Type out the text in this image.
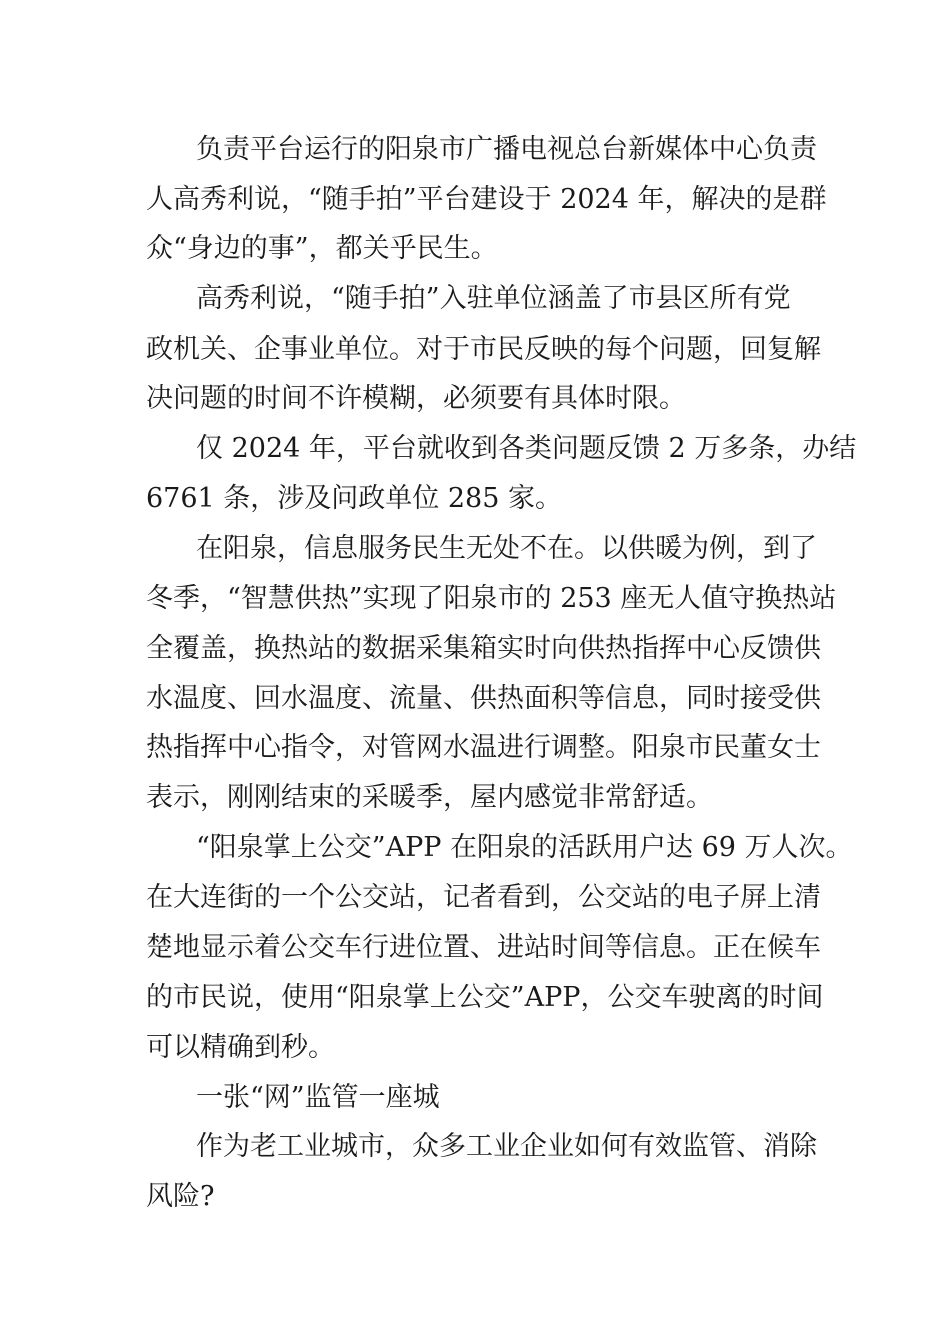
负责平台运行的阳泉市广播电视总台新媒体中心负责
人高秀利说，“随手拍”平台建设于 2024 年，解决的是群
众“身边的事”，都关乎民生。
高秀利说，“随手拍”入驻单位涵盖了市县区所有党
政机关、企事业单位。对于市民反映的每个问题，回复解
决问题的时间不许模糊，必须要有具体时限。
仅 2024 年，平台就收到各类问题反馈 2 万多条，办结
6761 条，涉及问政单位 285 家。
在阳泉，信息服务民生无处不在。以供暖为例，到了
冬季，“智慧供热”实现了阳泉市的 253 座无人值守换热站
全覆盖，换热站的数据采集箱实时向供热指挥中心反馈供
水温度、回水温度、流量、供热面积等信息，同时接受供
热指挥中心指令，对管网水温进行调整。阳泉市民董女士
表示，刚刚结束的采暖季，屋内感觉非常舒适。
“阳泉掌上公交”APP 在阳泉的活跃用户达 69 万人次。
在大连街的一个公交站，记者看到，公交站的电子屏上清
楚地显示着公交车行进位置、进站时间等信息。正在候车
的市民说，使用“阳泉掌上公交”APP，公交车驶离的时间
可以精确到秒。
一张“网”监管一座城
作为老工业城市，众多工业企业如何有效监管、消除
风险?
